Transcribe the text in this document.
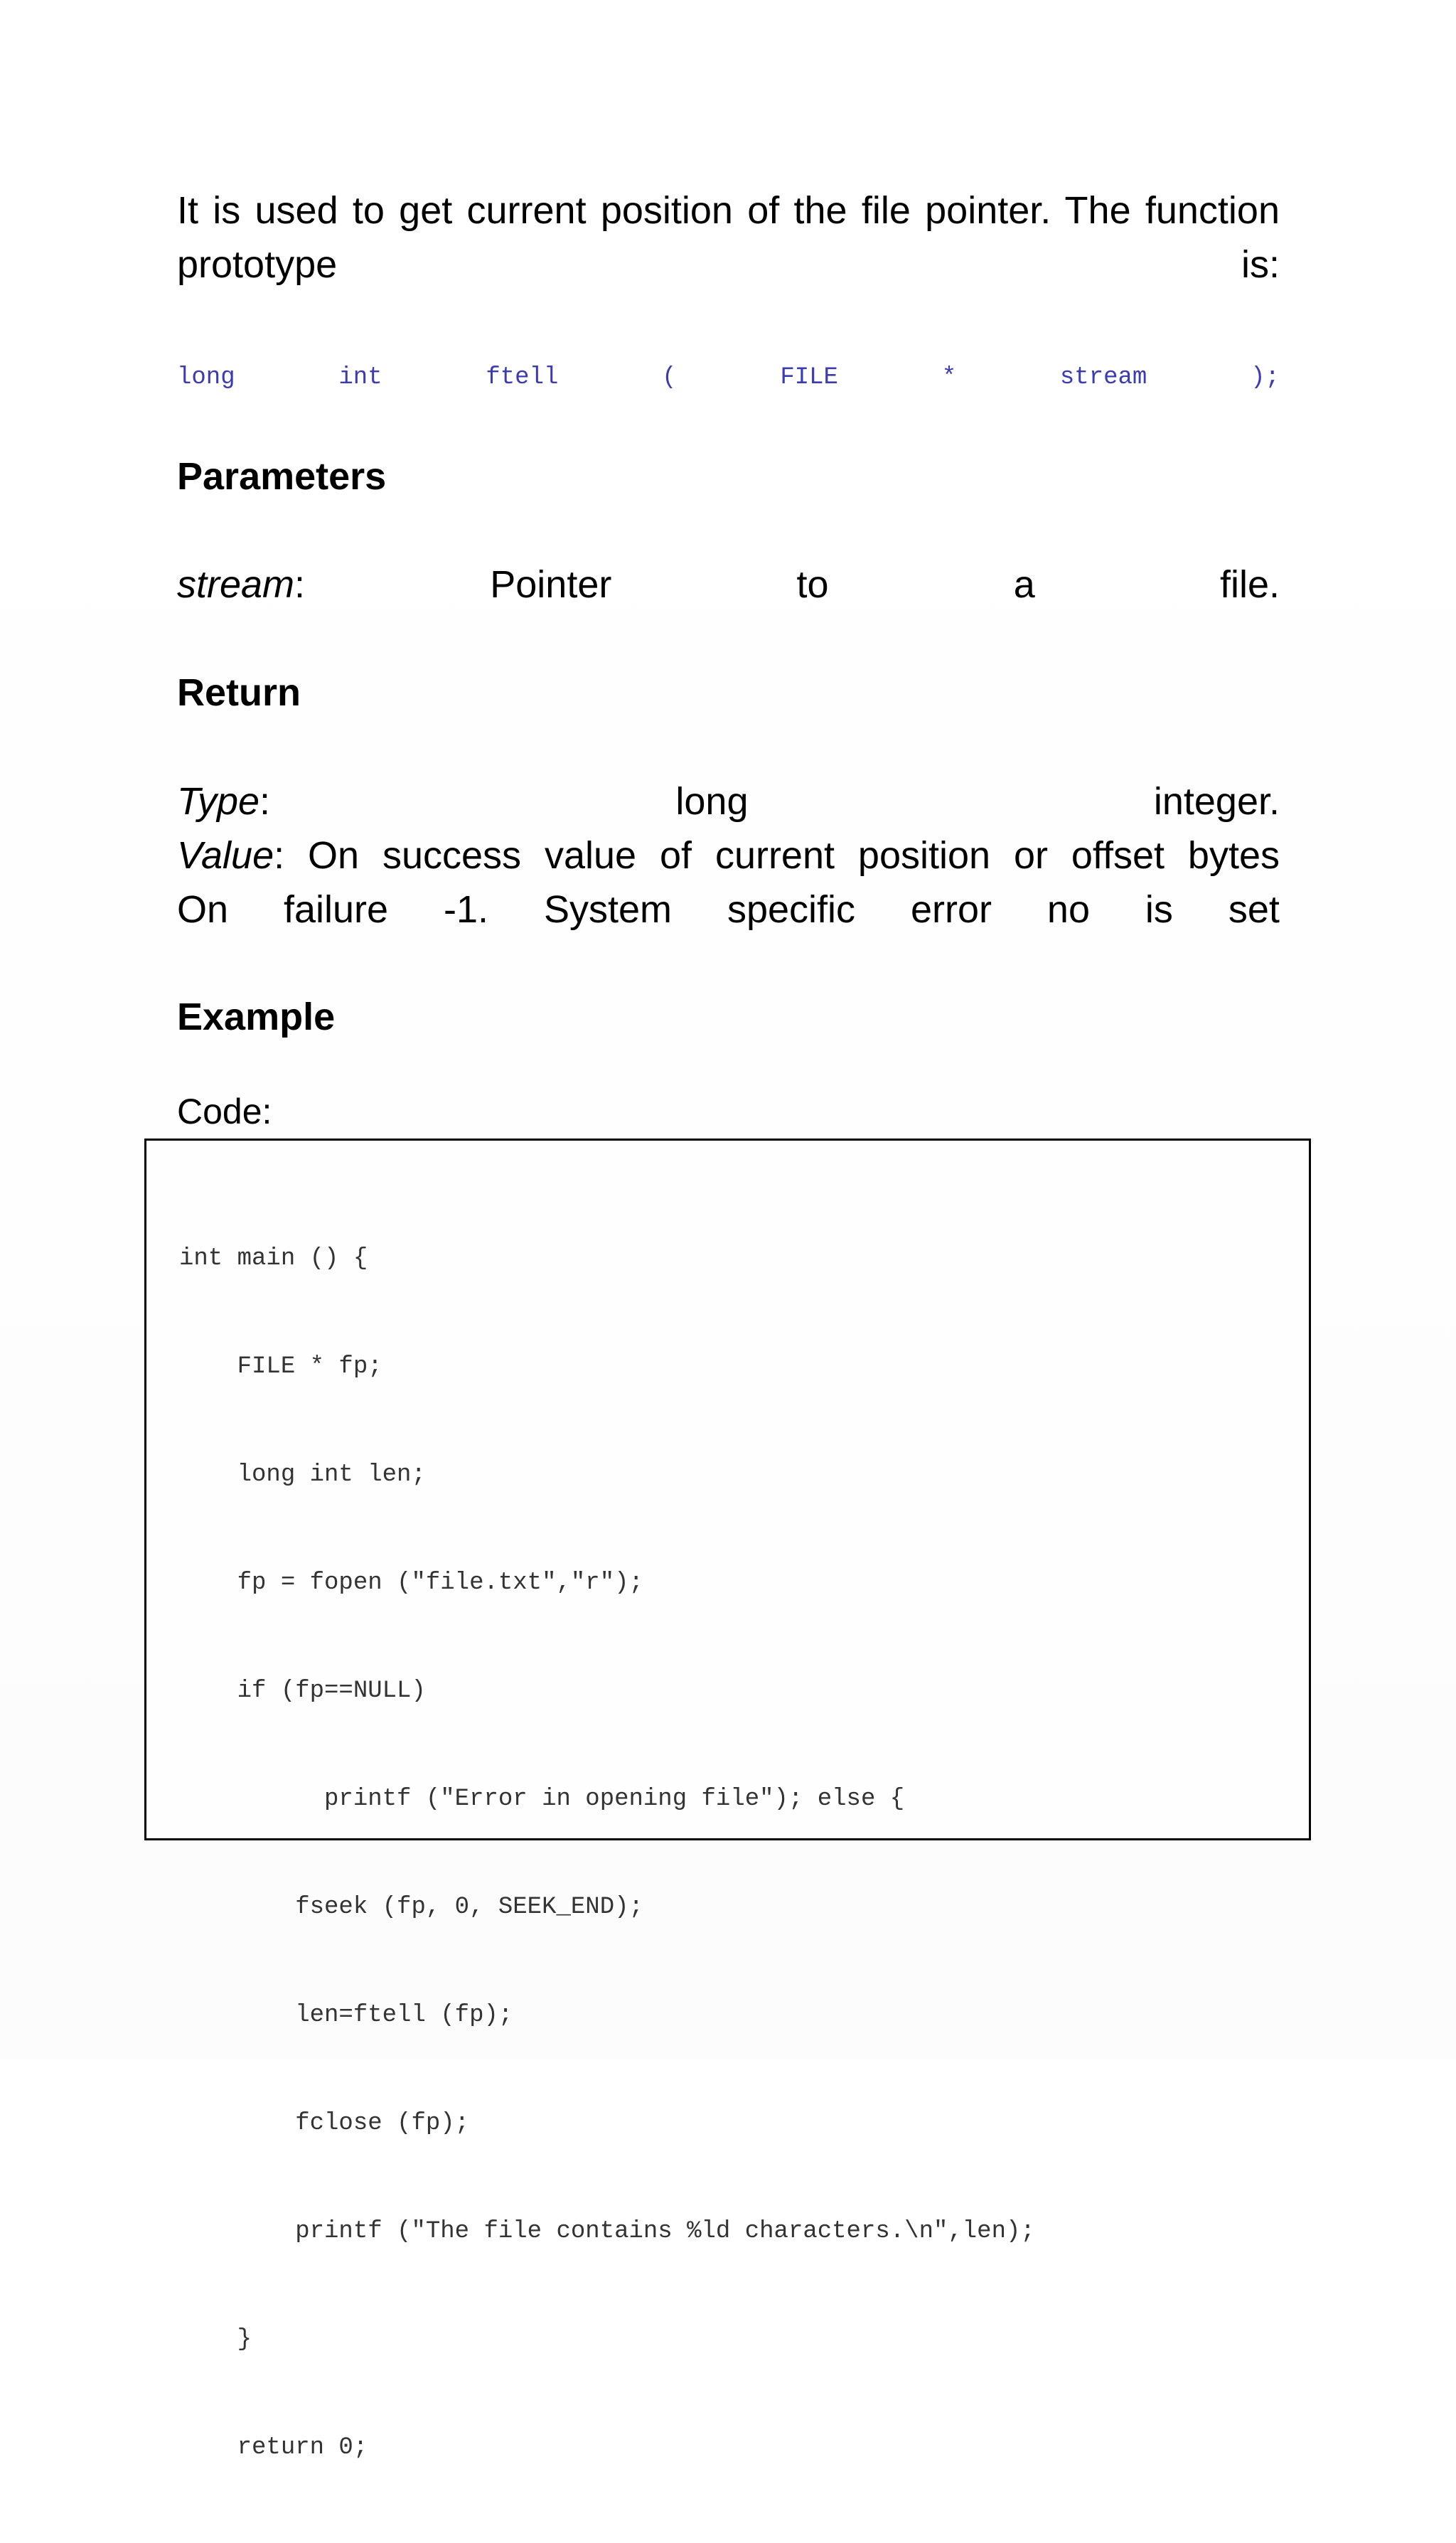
It is used to get current position of the file pointer. The function
prototype	is:
long	int	ftell	(	FILE	*	stream	);
Parameters
stream:	Pointer	to	a	file.
Return
Type:	long	integer.
Value: On success value of current position or offset bytes
On failure -1. System specific error no is set
Example
Code:

int main () {

FILE * fp;

long int len;

fp = fopen ("file.txt","r");

if (fp==NULL)

printf ("Error in opening file"); else {

fseek (fp, 0, SEEK_END);

len=ftell (fp);

fclose (fp);

printf ("The file contains %ld characters.\n",len);

}

return 0;
